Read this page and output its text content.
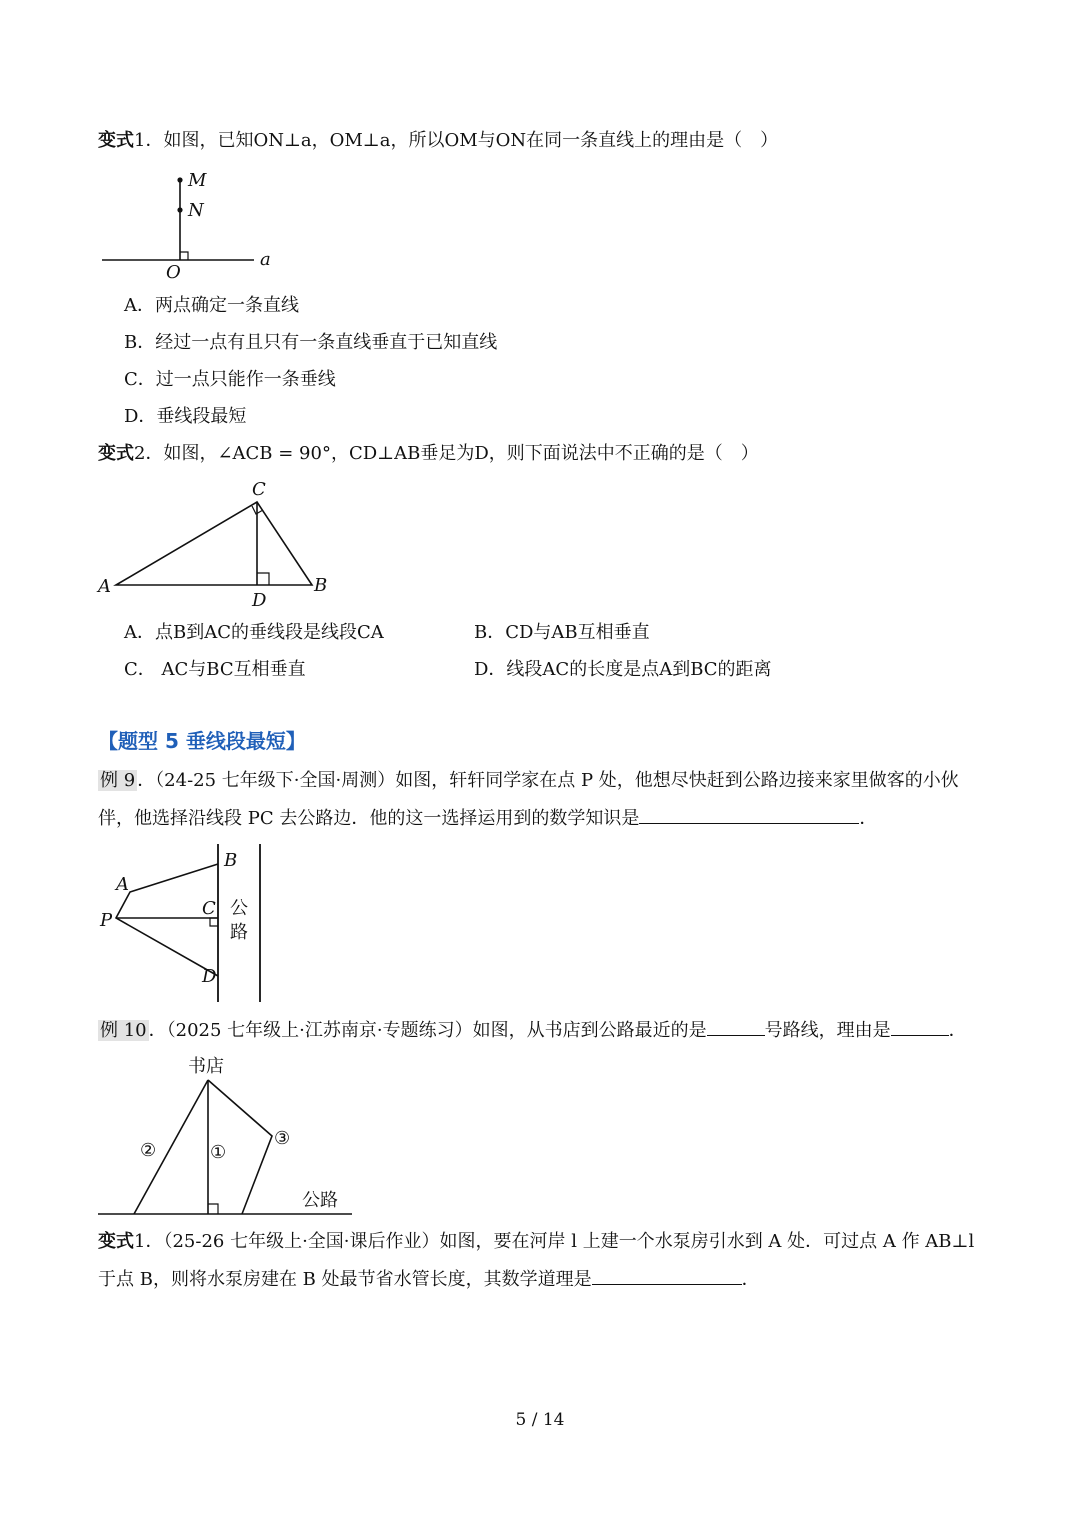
变式1．如图，已知ON⊥a，OM⊥a，所以OM与ON在同一条直线上的理由是（　）
M
N
O
a
A．两点确定一条直线
B．经过一点有且只有一条直线垂直于已知直线
C．过一点只能作一条垂线
D．垂线段最短
变式2．如图，∠ACB = 90°，CD⊥AB垂足为D，则下面说法中不正确的是（　）
C
A	B
D
A．点B到AC的垂线段是线段CA	B．CD与AB互相垂直
C． AC与BC互相垂直	D．线段AC的长度是点A到BC的距离
【题型 5 垂线段最短】
例 9 ．（24-25 七年级下·全国·周测）如图，轩轩同学家在点 P 处，他想尽快赶到公路边接来家里做客的小伙
伴，他选择沿线段 PC 去公路边．他的这一选择运用到的数学知识是	．
B
A
C
P
D
公
路
例 10 ．（2025 七年级上·江苏南京·专题练习）如图，从书店到公路最近的是	号路线，理由是	．
书店
公路
①
②
③
变式1．（25-26 七年级上·全国·课后作业）如图，要在河岸 l 上建一个水泵房引水到 A 处．可过点 A 作 AB⊥l
于点 B，则将水泵房建在 B 处最节省水管长度，其数学道理是	．
5 / 14
